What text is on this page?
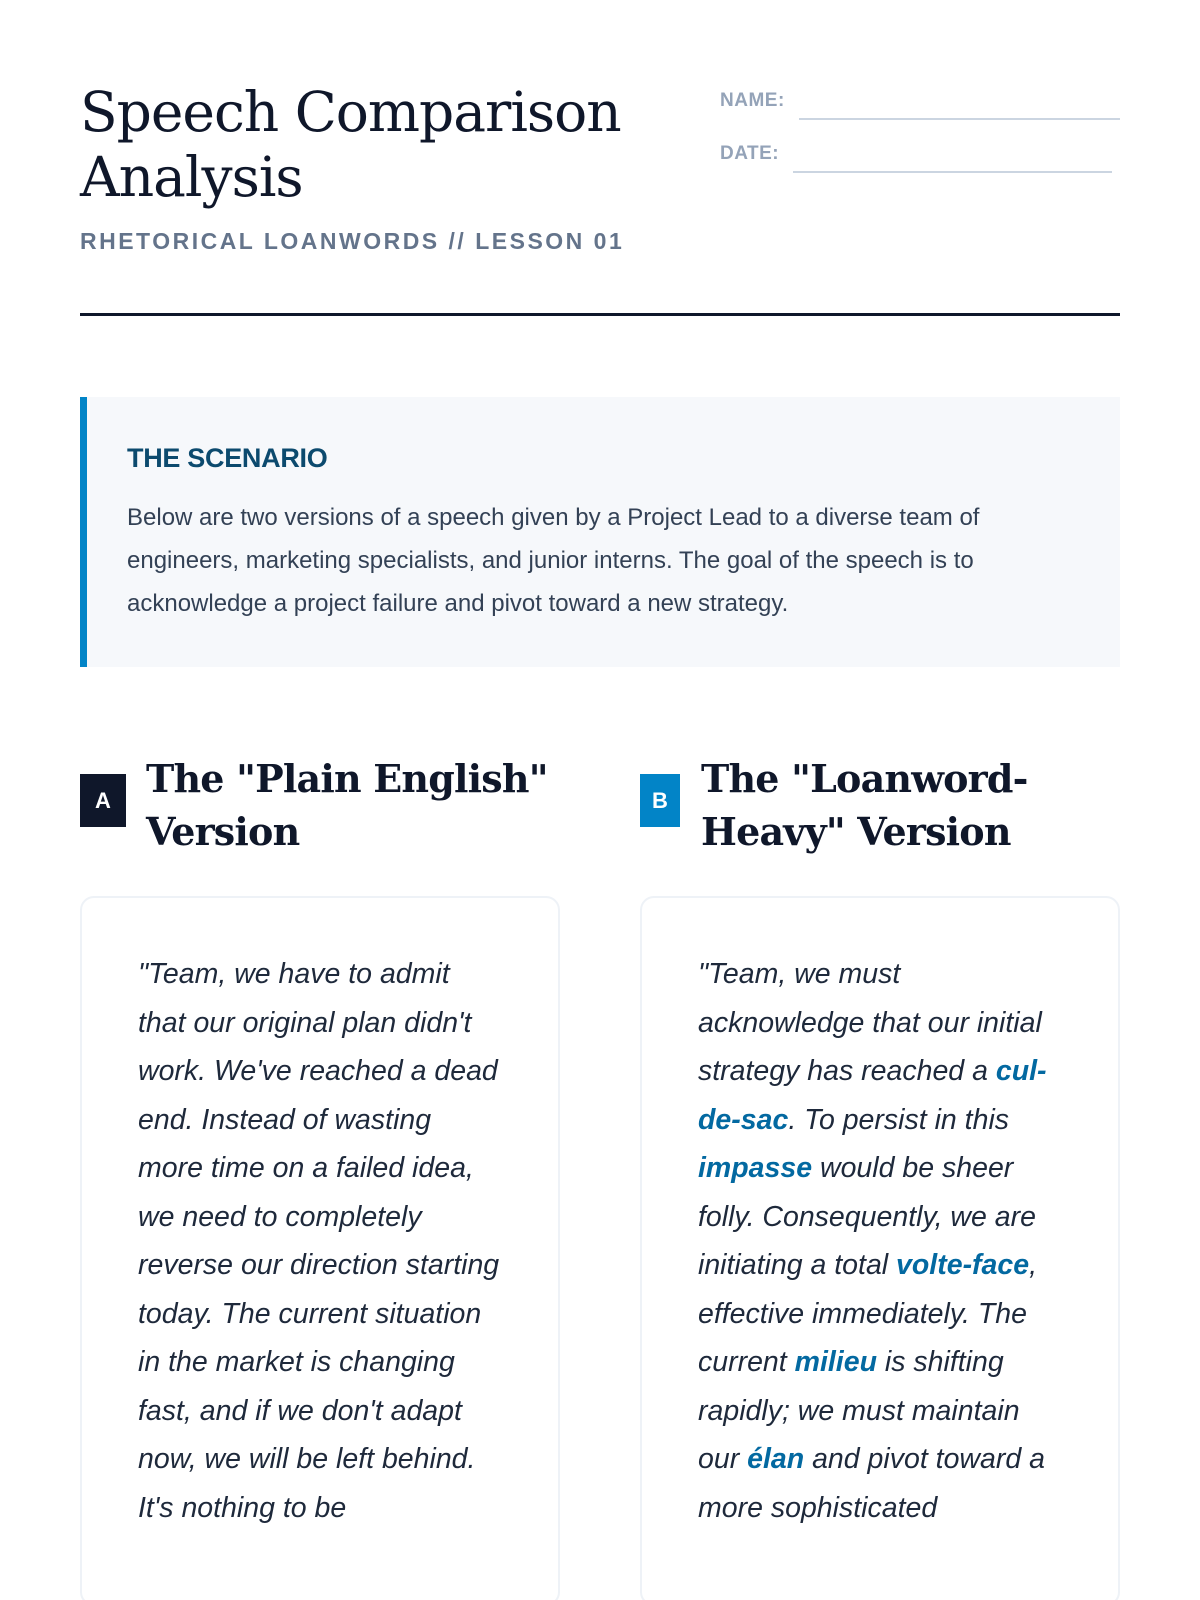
Speech Comparison Analysis
RHETORICAL LOANWORDS // LESSON 01
NAME:
DATE:
THE SCENARIO

Below are two versions of a speech given by a Project Lead to a diverse team of engineers, marketing specialists, and junior interns. The goal of the speech is to acknowledge a project failure and pivot toward a new strategy.

A The "Plain English" Version

"Team, we have to admit that our original plan didn't work. We've reached a dead end. Instead of wasting more time on a failed idea, we need to completely reverse our direction starting today. The current situation in the market is changing fast, and if we don't adapt now, we will be left behind. It's nothing to be

B The "Loanword-Heavy" Version

"Team, we must acknowledge that our initial strategy has reached a cul-de-sac. To persist in this impasse would be sheer folly. Consequently, we are initiating a total volte-face, effective immediately. The current milieu is shifting rapidly; we must maintain our élan and pivot toward a more sophisticated
